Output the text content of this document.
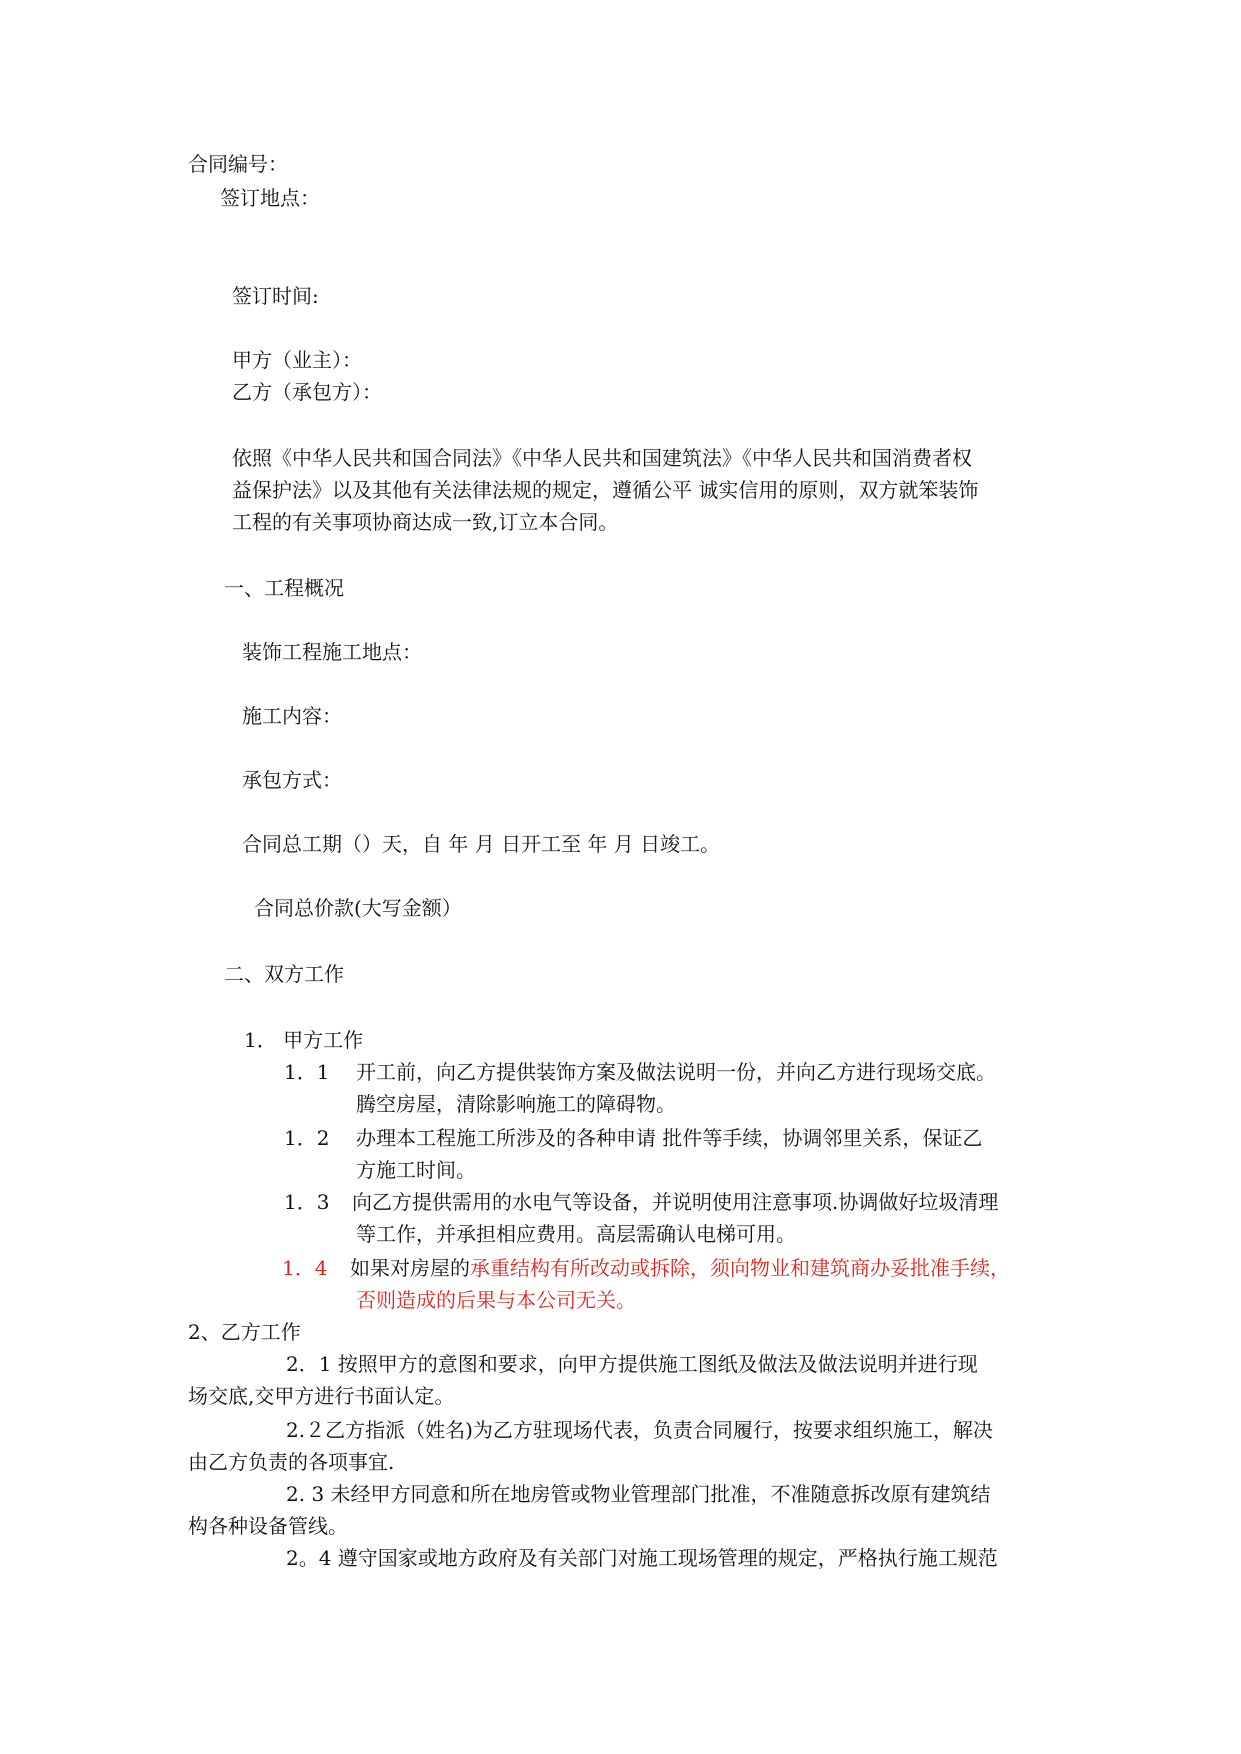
合同编号：

签订地点：

签订时间:

甲方（业主）：

乙方（承包方）：

依照《中华人民共和国合同法》《中华人民共和国建筑法》《中华人民共和国消费者权

益保护法》以及其他有关法律法规的规定，遵循公平 诚实信用的原则，双方就笨装饰

工程的有关事项协商达成一致,订立本合同。

一、工程概况

装饰工程施工地点：

施工内容：

承包方式：

合同总工期（）天，自 年 月 日开工至 年 月 日竣工。

合同总价款(大写金额）

二、双方工作

1． 甲方工作

1．1 开工前，向乙方提供装饰方案及做法说明一份，并向乙方进行现场交底。

腾空房屋，清除影响施工的障碍物。

1．2 办理本工程施工所涉及的各种申请 批件等手续，协调邻里关系，保证乙

方施工时间。

1．3 向乙方提供需用的水电气等设备，并说明使用注意事项.协调做好垃圾清理

等工作，并承担相应费用。高层需确认电梯可用。

1．4 如果对房屋的承重结构有所改动或拆除，须向物业和建筑商办妥批准手续，

否则造成的后果与本公司无关。

2、乙方工作

2．1 按照甲方的意图和要求，向甲方提供施工图纸及做法及做法说明并进行现

场交底,交甲方进行书面认定。

2.２乙方指派（姓名)为乙方驻现场代表，负责合同履行，按要求组织施工，解决

由乙方负责的各项事宜.

2. 3 未经甲方同意和所在地房管或物业管理部门批准，不准随意拆改原有建筑结

构各种设备管线。

2。4 遵守国家或地方政府及有关部门对施工现场管理的规定，严格执行施工规范
